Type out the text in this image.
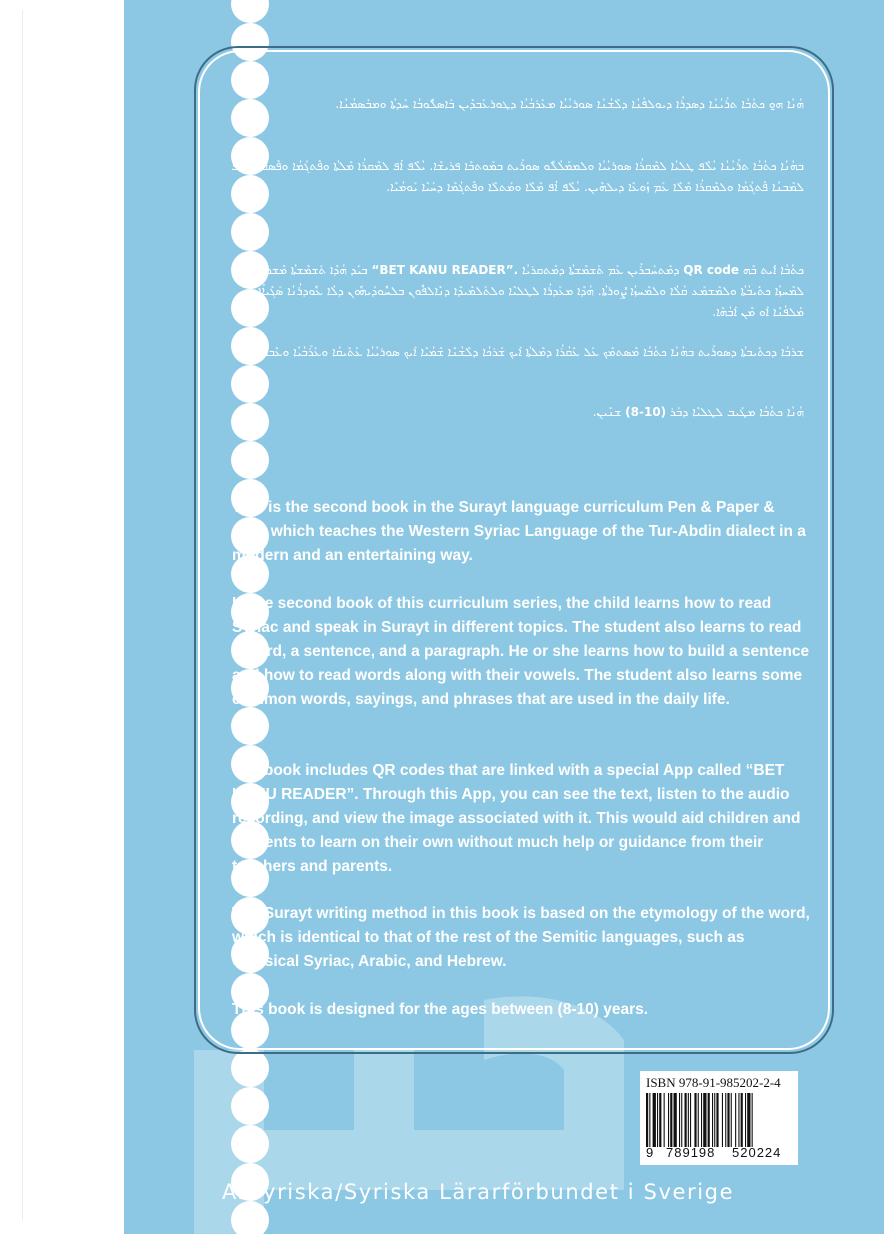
ܗܳܢܳܐ ܗ̱ܘ ܟܬܳܒܳܐ ܬܪܰܝܳܢܳܐ ܕܣܕܪܳܐ ܕܝܘܠܦܳܢܳܐ ܕܠܶܫܳܢܳܐ ܣܘܪܝܳܝܳܐ ܡܥܰܪܒܳܝܳܐ ܕܛܘܪܥܰܒܕܺܝܢ ܒܰܐܣܠܽܘܒܳܐ ܚܰܕܬܳܐ ܘܡܒܰܣܡܳܢܳܐ.
ܒܗܳܢܳܐ ܟܬܳܒܳܐ ܬܪܰܝܳܢܳܐ ܝܳܠܶܦ ܛܠܝܳܐ ܠܡܶܩܪܳܐ ܣܘܪܝܳܝܳܐ ܘܠܡܡܰܠܳܠܽܘ ܣܘܪܰܝܬ ܒܡܰܘܬܒܶܐ ܦܪܝܫܶܐ. ܝܳܠܶܦ ܐܳܦ ܠܡܶܩܪܳܐ ܡܶܠܬܳܐ ܘܦܶܬܓܳܡܳܐ ܘܦܶܣܩܳܐ. ܝܳܠܶܦ ܠܡܶܒܢܳܐ ܦܶܬܓܳܡܳܐ ܘܠܡܶܩܪܳܐ ܡܶܠܶܐ ܥܰܡ ܙܰܘܥܶܐ ܕܝܠܗܶܝܢ. ܝܳܠܶܦ ܐܳܦ ܡܶܠܶܐ ܘܡܰܬܠܶܐ ܘܦܶܬܓܳܡܶܐ ܕܚܰܝܶܐ ܝܰܘܡܳܝܶܐ.
ܟܬܳܒܳܐ ܐܺܝܬ ܒܶܗ QR code ܕܡܶܬܚܰܒܪܺܝܢ ܥܰܡ ܬܰܫܡܶܫܬܳܐ ܕܡܶܬܩܪܝܳܐ “BET KANU READER”. ܒܝܰܕ ܗܳܕܶܐ ܬܰܫܡܶܫܬܳܐ ܡܶܫܟܚܺܝܬ ܠܡܶܚܙܳܐ ܟܬܺܝܒܳܬܳܐ ܘܠܡܶܫܡܰܥ ܩܳܠܳܐ ܘܠܡܶܚܙܳܐ ܨܽܘܪܬܳܐ. ܗܳܕܶܐ ܡܥܰܕܪܳܐ ܠܛܠܝܶܐ ܘܠܬܰܠܡܺܝܕܶܐ ܕܢܺܐܠܦܽܘܢ ܒܠܚܽܘܕܰܝܗܽܘܢ ܕܠܳܐ ܥܽܘܕܪܳܢܳܐ ܣܰܓܺܝܐܳܐ ܡܶܢ ܡܰܠܦܳܢܶܐ ܐܰܘ ܡܶܢ ܐܰܒܳܗܶܐ.
ܫܪܒܳܐ ܕܟܬܺܝܒܬܳܐ ܕܣܘܪܰܝܬ ܒܗܳܢܳܐ ܟܬܳܒܳܐ ܡܶܣܬܡܶܟ ܥܰܠ ܥܶܩܳܪܳܐ ܕܡܶܠܬܳܐ ܐܰܝܟ ܫܰܪܟܳܐ ܕܠܶܫܳܢܶܐ ܫܶܡܳܝܶܐ ܐܰܝܟ ܣܘܪܝܳܝܳܐ ܥܰܬܺܝܩܳܐ ܘܥܰܪܰܒܳܝܳܐ ܘܥܶܒܪܳܝܳܐ.
ܗܳܢܳܐ ܟܬܳܒܳܐ ܡܛܰܝܒ ܠܛܠܝܶܐ ܕܒܰܪ (8-10) ܫܢܺܝܢ.

This is the second book in the Surayt language curriculum Pen & Paper & App, which teaches the Western Syriac Language of the Tur-Abdin dialect in a modern and an entertaining way.

In the second book of this curriculum series, the child learns how to read Syriac and speak in Surayt in different topics. The student also learns to read a word, a sentence, and a paragraph. He or she learns how to build a sentence and how to read words along with their vowels. The student also learns some common words, sayings, and phrases that are used in the daily life.

The book includes QR codes that are linked with a special App called “BET KANU READER”. Through this App, you can see the text, listen to the audio recording, and view the image associated with it. This would aid children and students to learn on their own without much help or guidance from their teachers and parents.

The Surayt writing method in this book is based on the etymology of the word, which is identical to that of the rest of the Semitic languages, such as Classical Syriac, Arabic, and Hebrew.

This book is designed for the ages between (8-10) years.

ISBN 978-91-985202-2-4
9 789198 520224
Assyriska/Syriska Lärarförbundet i Sverige
